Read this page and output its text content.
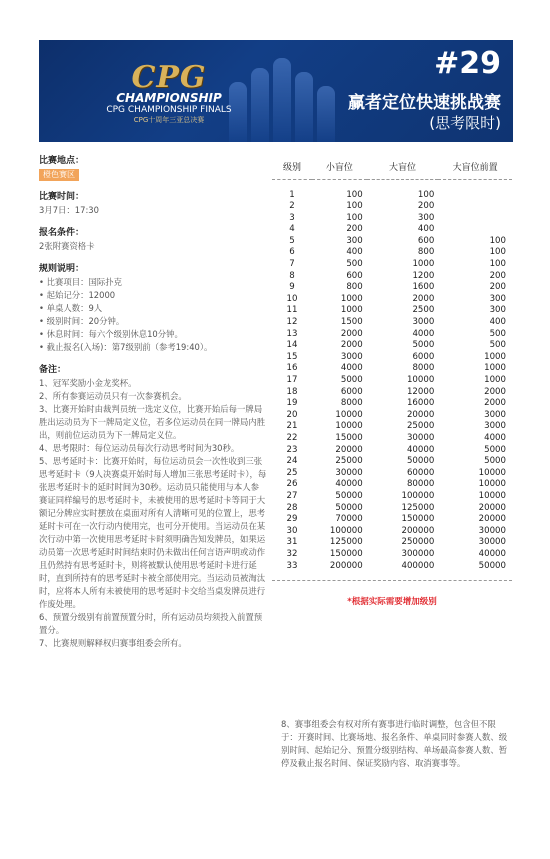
CPG
CHAMPIONSHIP
CPG CHAMPIONSHIP FINALS
CPG十周年三亚总决赛
#29
赢者定位快速挑战赛
(思考限时)
比赛地点：
橙色赛区
比赛时间：
3月7日：17:30
报名条件：
2张附赛资格卡
规则说明：
• 比赛项目：国际扑克
• 起始记分：12000
• 单桌人数：9人
• 级别时间：20分钟。
• 休息时间：每六个级别休息10分钟。
• 截止报名(入场)：第7级别前（参考19:40）。
备注：

1、冠军奖励小金龙奖杯。

2、所有参赛运动员只有一次参赛机会。

3、比赛开始时由裁判员统一选定义位，比赛开始后每一牌局胜出运动员为下一牌局定义位，若多位运动员在同一牌局内胜出，则前位运动员为下一牌局定义位。

4、思考限时：每位运动员每次行动思考时间为30秒。

5、思考延时卡：比赛开始时，每位运动员会一次性收到三张思考延时卡（9人决赛桌开始时每人增加三张思考延时卡），每张思考延时卡的延时时间为30秒。运动员只能使用与本人参赛证同样编号的思考延时卡，未被使用的思考延时卡等同于大额记分牌应实时摆放在桌面对所有人清晰可见的位置上，思考延时卡可在一次行动内使用完，也可分开使用。当运动员在某次行动中第一次使用思考延时卡时须明确告知发牌员，如果运动员第一次思考延时时间结束时仍未做出任何言语声明或动作且仍然持有思考延时卡，则将被默认使用思考延时卡进行延时，直到所持有的思考延时卡被全部使用完。当运动员被淘汰时，应将本人所有未被使用的思考延时卡交给当桌发牌员进行作废处理。

6、预置分级别有前置预置分时，所有运动员均须投入前置预置分。

7、比赛规则解释权归赛事组委会所有。

级别	小盲位	大盲位	大盲位前置
1	100	100	
2	100	200	
3	100	300	
4	200	400	
5	300	600	100
6	400	800	100
7	500	1000	100
8	600	1200	200
9	800	1600	200
10	1000	2000	300
11	1000	2500	300
12	1500	3000	400
13	2000	4000	500
14	2000	5000	500
15	3000	6000	1000
16	4000	8000	1000
17	5000	10000	1000
18	6000	12000	2000
19	8000	16000	2000
20	10000	20000	3000
21	10000	25000	3000
22	15000	30000	4000
23	20000	40000	5000
24	25000	50000	5000
25	30000	60000	10000
26	40000	80000	10000
27	50000	100000	10000
28	50000	125000	20000
29	70000	150000	20000
30	100000	200000	30000
31	125000	250000	30000
32	150000	300000	40000
33	200000	400000	50000
*根据实际需要增加级别
8、赛事组委会有权对所有赛事进行临时调整，包含但不限于：开赛时间、比赛场地、报名条件、单桌同时参赛人数、级别时间、起始记分、预置分级别结构、单场最高参赛人数、暂停及截止报名时间、保证奖励内容、取消赛事等。
